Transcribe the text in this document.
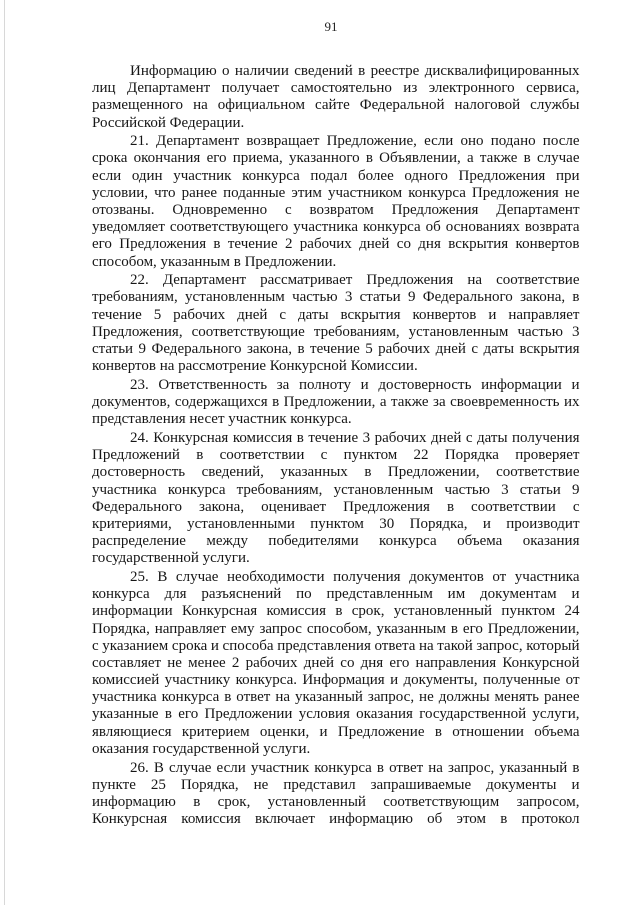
91
Информацию о наличии сведений в реестре дисквалифицированных
лиц Департамент получает самостоятельно из электронного сервиса,
размещенного на официальном сайте Федеральной налоговой службы
Российской Федерации.
21. Департамент возвращает Предложение, если оно подано после
срока окончания его приема, указанного в Объявлении, а также в случае
если один участник конкурса подал более одного Предложения при
условии, что ранее поданные этим участником конкурса Предложения не
отозваны. Одновременно с возвратом Предложения Департамент
уведомляет соответствующего участника конкурса об основаниях возврата
его Предложения в течение 2 рабочих дней со дня вскрытия конвертов
способом, указанным в Предложении.
22. Департамент рассматривает Предложения на соответствие
требованиям, установленным частью 3 статьи 9 Федерального закона, в
течение 5 рабочих дней с даты вскрытия конвертов и направляет
Предложения, соответствующие требованиям, установленным частью 3
статьи 9 Федерального закона, в течение 5 рабочих дней с даты вскрытия
конвертов на рассмотрение Конкурсной Комиссии.
23. Ответственность за полноту и достоверность информации и
документов, содержащихся в Предложении, а также за своевременность их
представления несет участник конкурса.
24. Конкурсная комиссия в течение 3 рабочих дней с даты получения
Предложений в соответствии с пунктом 22 Порядка проверяет
достоверность сведений, указанных в Предложении, соответствие
участника конкурса требованиям, установленным частью 3 статьи 9
Федерального закона, оценивает Предложения в соответствии с
критериями, установленными пунктом 30 Порядка, и производит
распределение между победителями конкурса объема оказания
государственной услуги.
25. В случае необходимости получения документов от участника
конкурса для разъяснений по представленным им документам и
информации Конкурсная комиссия в срок, установленный пунктом 24
Порядка, направляет ему запрос способом, указанным в его Предложении,
с указанием срока и способа представления ответа на такой запрос, который
составляет не менее 2 рабочих дней со дня его направления Конкурсной
комиссией участнику конкурса. Информация и документы, полученные от
участника конкурса в ответ на указанный запрос, не должны менять ранее
указанные в его Предложении условия оказания государственной услуги,
являющиеся критерием оценки, и Предложение в отношении объема
оказания государственной услуги.
26. В случае если участник конкурса в ответ на запрос, указанный в
пункте 25 Порядка, не представил запрашиваемые документы и
информацию в срок, установленный соответствующим запросом,
Конкурсная комиссия включает информацию об этом в протокол
